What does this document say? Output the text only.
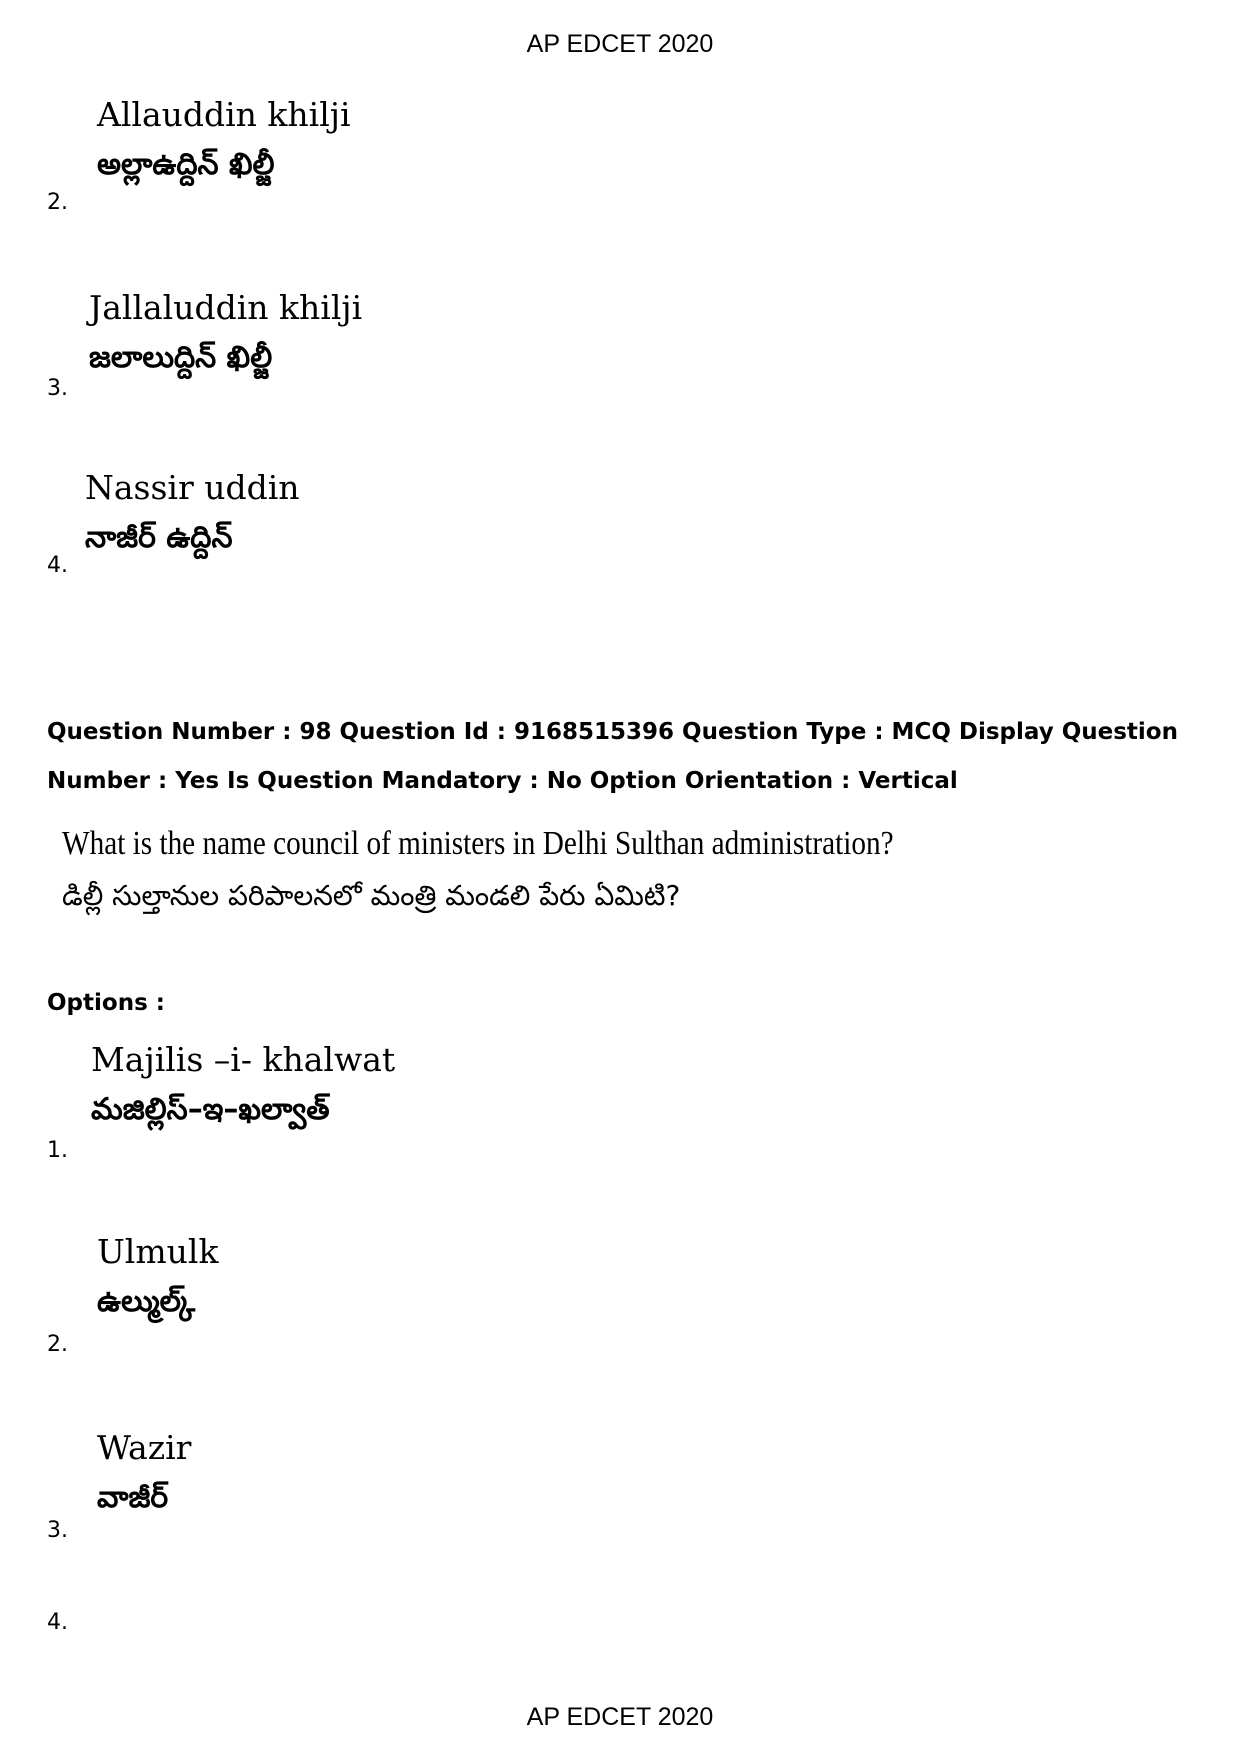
AP EDCET 2020
Allauddin khilji
అల్లాఉద్దిన్ ఖిల్జీ
2.
Jallaluddin khilji
జలాలుద్దిన్ ఖిల్జీ
3.
Nassir uddin
నాజీర్ ఉద్దిన్
4.
Question Number : 98 Question Id : 9168515396 Question Type : MCQ Display Question Number : Yes Is Question Mandatory : No Option Orientation : Vertical
What is the name council of ministers in Delhi Sulthan administration?
డిల్లీ సుల్తానుల పరిపాలనలో మంత్రి మండలి పేరు ఏమిటి?
Options :
Majilis –i- khalwat
మజిల్లిస్–ఇ–ఖల్వాత్
1.
Ulmulk
ఉల్ముల్క్
2.
Wazir
వాజీర్
3.
4.
AP EDCET 2020
